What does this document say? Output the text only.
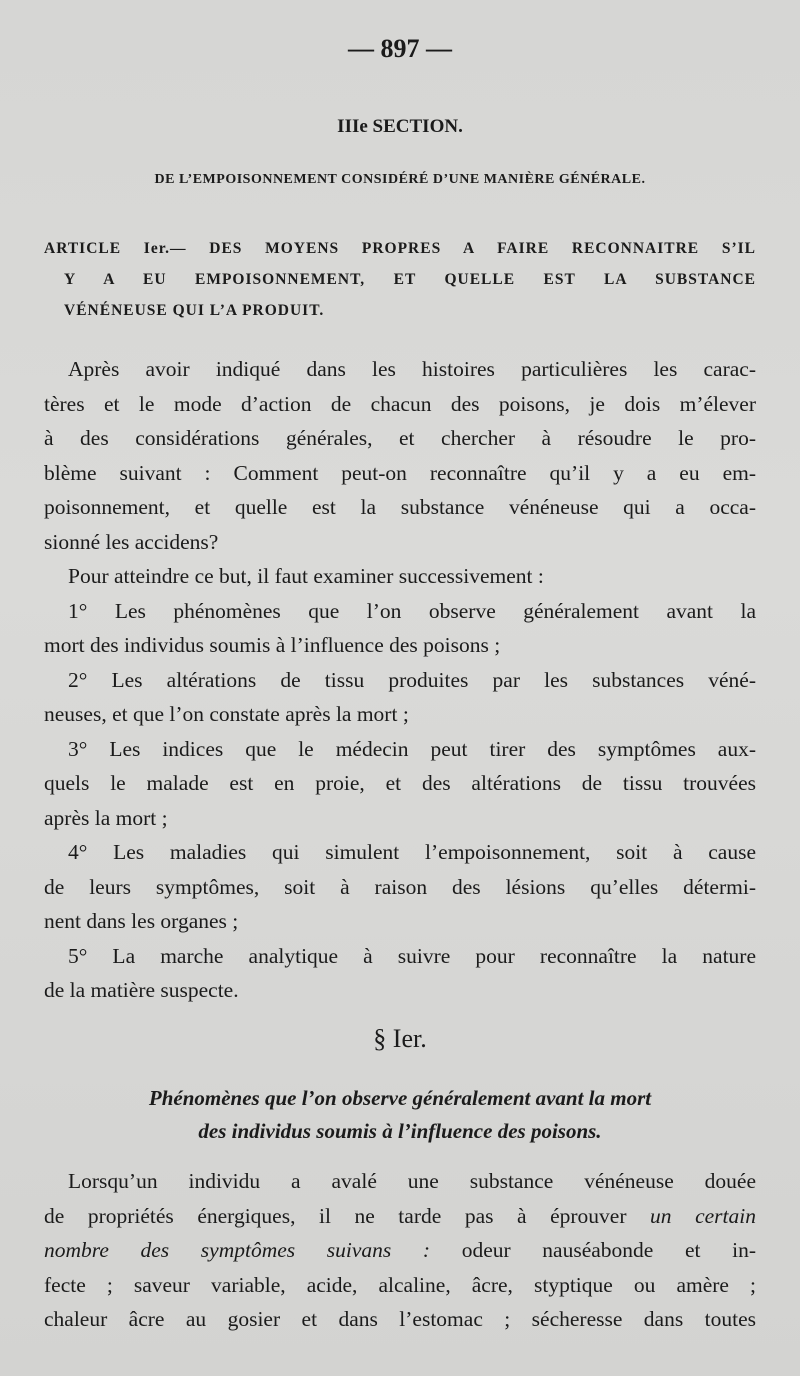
— 897 —
IIIe SECTION.
DE L’EMPOISONNEMENT CONSIDÉRÉ D’UNE MANIÈRE GÉNÉRALE.
ARTICLE Ier.— DES MOYENS PROPRES A FAIRE RECONNAITRE S’IL
Y A EU EMPOISONNEMENT, ET QUELLE EST LA SUBSTANCE
VÉNÉNEUSE QUI L’A PRODUIT.
Après avoir indiqué dans les histoires particulières les carac-
tères et le mode d’action de chacun des poisons, je dois m’élever
à des considérations générales, et chercher à résoudre le pro-
blème suivant : Comment peut-on reconnaître qu’il y a eu em-
poisonnement, et quelle est la substance vénéneuse qui a occa-
sionné les accidens?
Pour atteindre ce but, il faut examiner successivement :
1° Les phénomènes que l’on observe généralement avant la
mort des individus soumis à l’influence des poisons ;
2° Les altérations de tissu produites par les substances véné-
neuses, et que l’on constate après la mort ;
3° Les indices que le médecin peut tirer des symptômes aux-
quels le malade est en proie, et des altérations de tissu trouvées
après la mort ;
4° Les maladies qui simulent l’empoisonnement, soit à cause
de leurs symptômes, soit à raison des lésions qu’elles détermi-
nent dans les organes ;
5° La marche analytique à suivre pour reconnaître la nature
de la matière suspecte.
§ Ier.
Phénomènes que l’on observe généralement avant la mort
des individus soumis à l’influence des poisons.
Lorsqu’un individu a avalé une substance vénéneuse douée
de propriétés énergiques, il ne tarde pas à éprouver un certain
nombre des symptômes suivans : odeur nauséabonde et in-
fecte ; saveur variable, acide, alcaline, âcre, styptique ou amère ;
chaleur âcre au gosier et dans l’estomac ; sécheresse dans toutes
